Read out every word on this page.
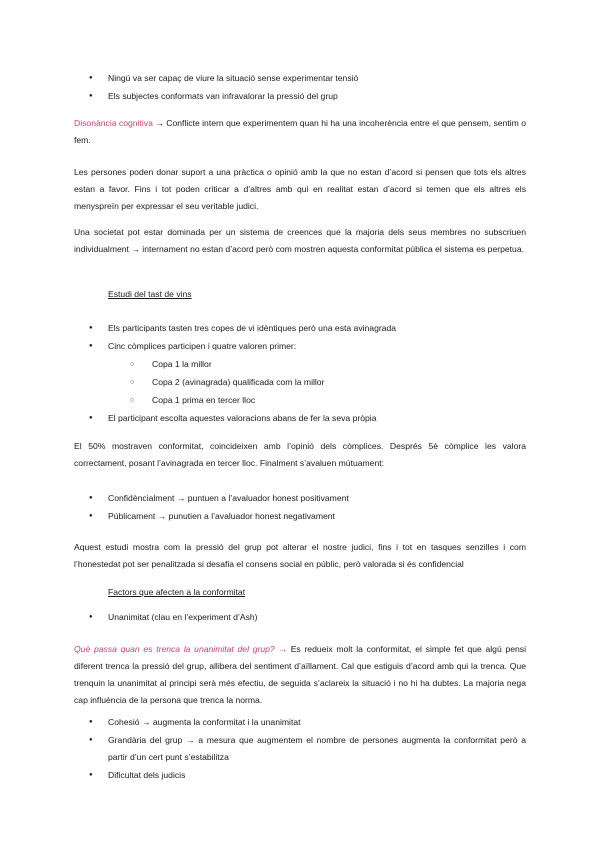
● Ningú va ser capaç de viure la situació sense experimentar tensió
● Els subjectes conformats van infravalorar la pressió del grup

Disonància cognitiva → Conflicte intern que experimentem quan hi ha una incoherència entre el que pensem, sentim o fem.

Les persones poden donar suport a una pràctica o opinió amb la que no estan d’acord si pensen que tots els altres estan a favor. Fins i tot poden criticar a d’altres amb qui en realitat estan d’acord si temen que els altres els menysprеïn per expressar el seu veritable judici.

Una societat pot estar dominada per un sistema de creences que la majoria dels seus membres no subscriuen individualment → internament no estan d’acord però com mostren aquesta conformitat pública el sistema es perpetua.

Estudi del tast de vins
● Els participants tasten tres copes de vi idèntiques però una esta avinagrada
● Cinc còmplices participen i quatre valoren primer:
○ Copa 1 la millor
○ Copa 2 (avinagrada) qualificada com la millor
○ Copa 1 prima en tercer lloc
● El participant escolta aquestes valoracions abans de fer la seva pròpia

El 50% mostraven conformitat, coincideixen amb l’opinió dels còmplices. Després 5è còmplice les valora correctament, posant l’avinagrada en tercer lloc. Finalment s’avaluen mútuament:

● Confidèncialment → puntuen a l’avaluador honest positivament
● Públicament → punutien a l’avaluador honest negativament

Aquest estudi mostra com la pressió del grup pot alterar el nostre judici, fins i tot en tasques senzilles i com l’honestedat pot ser penalitzada si desafia el consens social en públic, però valorada si és confidencial

Factors que afecten a la conformitat
● Unanimitat (clau en l’experiment d’Ash)

Què passa quan es trenca la unanimitat del grup? → Es redueix molt la conformitat, el simple fet que algú pensi diferent trenca la pressió del grup, allibera del sentiment d’aïllament. Cal que estiguis d’acord amb qui la trenca. Que trenquin la unanimitat al principi serà més efectiu, de seguida s’aclareix la situació i no hi ha dubtes. La majoria nega cap influència de la persona que trenca la norma.

● Cohesió → augmenta la conformitat i la unanimitat
● Grandària del grup → a mesura que augmentem el nombre de persones augmenta la conformitat però a partir d’un cert punt s’estabilitza
● Dificultat dels judicis
